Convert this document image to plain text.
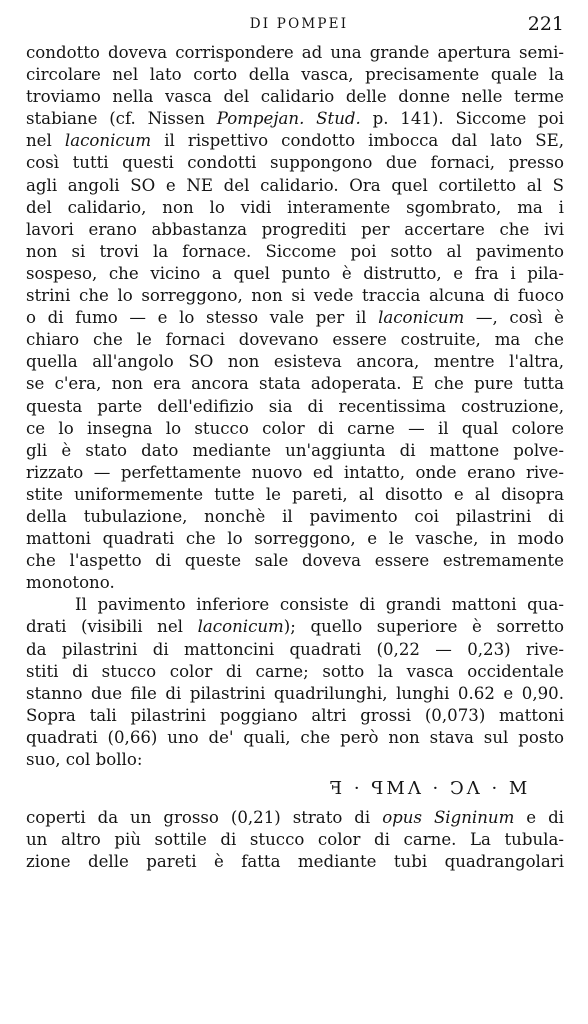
DI POMPEI	221
condotto doveva corrispondere ad una grande apertura semi-
circolare nel lato corto della vasca, precisamente quale la
troviamo nella vasca del calidario delle donne nelle terme
stabiane (cf. Nissen Pompejan. Stud. p. 141). Siccome poi
nel laconicum il rispettivo condotto imbocca dal lato SE,
così tutti questi condotti suppongono due fornaci, presso
agli angoli SO e NE del calidario. Ora quel cortiletto al S
del calidario, non lo vidi interamente sgombrato, ma i
lavori erano abbastanza progrediti per accertare che ivi
non si trovi la fornace. Siccome poi sotto al pavimento
sospeso, che vicino a quel punto è distrutto, e fra i pila-
strini che lo sorreggono, non si vede traccia alcuna di fuoco
o di fumo — e lo stesso vale per il laconicum —, così è
chiaro che le fornaci dovevano essere costruite, ma che
quella all'angolo SO non esisteva ancora, mentre l'altra,
se c'era, non era ancora stata adoperata. E che pure tutta
questa parte dell'edifizio sia di recentissima costruzione,
ce lo insegna lo stucco color di carne — il qual colore
gli è stato dato mediante un'aggiunta di mattone polve-
rizzato — perfettamente nuovo ed intatto, onde erano rive-
stite uniformemente tutte le pareti, al disotto e al disopra
della tubulazione, nonchè il pavimento coi pilastrini di
mattoni quadrati che lo sorreggono, e le vasche, in modo
che l'aspetto di queste sale doveva essere estremamente
monotono.
Il pavimento inferiore consiste di grandi mattoni qua-
drati (visibili nel laconicum); quello superiore è sorretto
da pilastrini di mattoncini quadrati (0,22 — 0,23) rive-
stiti di stucco color di carne; sotto la vasca occidentale
stanno due file di pilastrini quadrilunghi, lunghi 0.62 e 0,90.
Sopra tali pilastrini poggiano altri grossi (0,073) mattoni
quadrati (0,66) uno de' quali, che però non stava sul posto
suo, col bollo:
ꟻ · ꟼMΛ · ϽΛ · M
coperti da un grosso (0,21) strato di opus Signinum e di
un altro più sottile di stucco color di carne. La tubula-
zione delle pareti è fatta mediante tubi quadrangolari
